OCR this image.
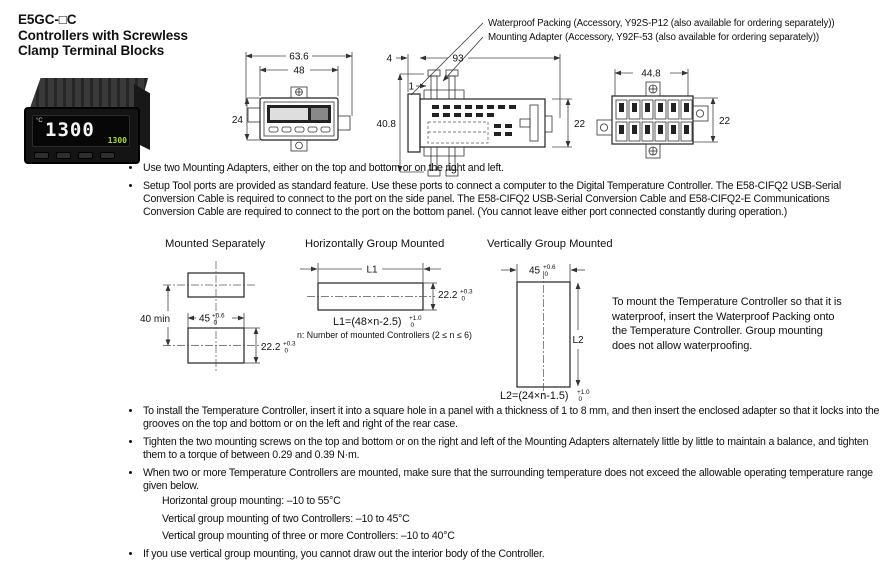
E5GC-□C
Controllers with Screwless
Clamp Terminal Blocks
°C 1300 1300
63.6
48
24
93
4
1
40.8	22
Waterproof Packing (Accessory, Y92S-P12 (also available for ordering separately))
Mounting Adapter (Accessory, Y92F-53 (also available for ordering separately))
44.8
22
• Use two Mounting Adapters, either on the top and bottom or on the right and left.
• Setup Tool ports are provided as standard feature. Use these ports to connect a computer to the Digital Temperature Controller. The E58-CIFQ2 USB-Serial Conversion Cable is required to connect to the port on the side panel. The E58-CIFQ2 USB-Serial Conversion Cable and E58-CIFQ2-E Communications Conversion Cable are required to connect to the port on the bottom panel. (You cannot leave either port connected constantly during operation.)
Mounted Separately
40 min	45 +0.6
0
22.2 +0.3
0
Horizontally Group Mounted
L1
22.2 +0.3
0
L1=(48×n-2.5) +1.0
0
n: Number of mounted Controllers (2 ≤ n ≤ 6)
Vertically Group Mounted
45 +0.6
0
L2
L2=(24×n-1.5) +1.0
0
To mount the Temperature Controller so that it is waterproof, insert the Waterproof Packing onto the Temperature Controller. Group mounting does not allow waterproofing.
• To install the Temperature Controller, insert it into a square hole in a panel with a thickness of 1 to 8 mm, and then insert the enclosed adapter so that it locks into the grooves on the top and bottom or on the left and right of the rear case.
• Tighten the two mounting screws on the top and bottom or on the right and left of the Mounting Adapters alternately little by little to maintain a balance, and tighten them to a torque of between 0.29 and 0.39 N·m.
• When two or more Temperature Controllers are mounted, make sure that the surrounding temperature does not exceed the allowable operating temperature range given below.
Horizontal group mounting: –10 to 55°C
Vertical group mounting of two Controllers: –10 to 45°C
Vertical group mounting of three or more Controllers: –10 to 40°C
• If you use vertical group mounting, you cannot draw out the interior body of the Controller.
